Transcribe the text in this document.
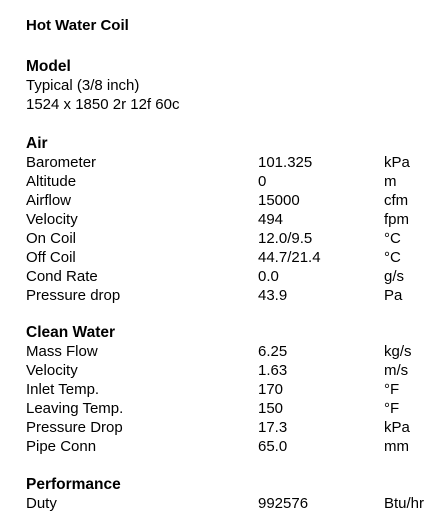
Hot Water Coil
Model
Typical (3/8 inch)
1524 x 1850 2r 12f 60c
Air
Barometer	101.325	kPa
Altitude	0	m
Airflow	15000	cfm
Velocity	494	fpm
On Coil	12.0/9.5	°C
Off Coil	44.7/21.4	°C
Cond Rate	0.0	g/s
Pressure drop	43.9	Pa
Clean Water
Mass Flow	6.25	kg/s
Velocity	1.63	m/s
Inlet Temp.	170	°F
Leaving Temp.	150	°F
Pressure Drop	17.3	kPa
Pipe Conn	65.0	mm
Performance
Duty	992576	Btu/hr
